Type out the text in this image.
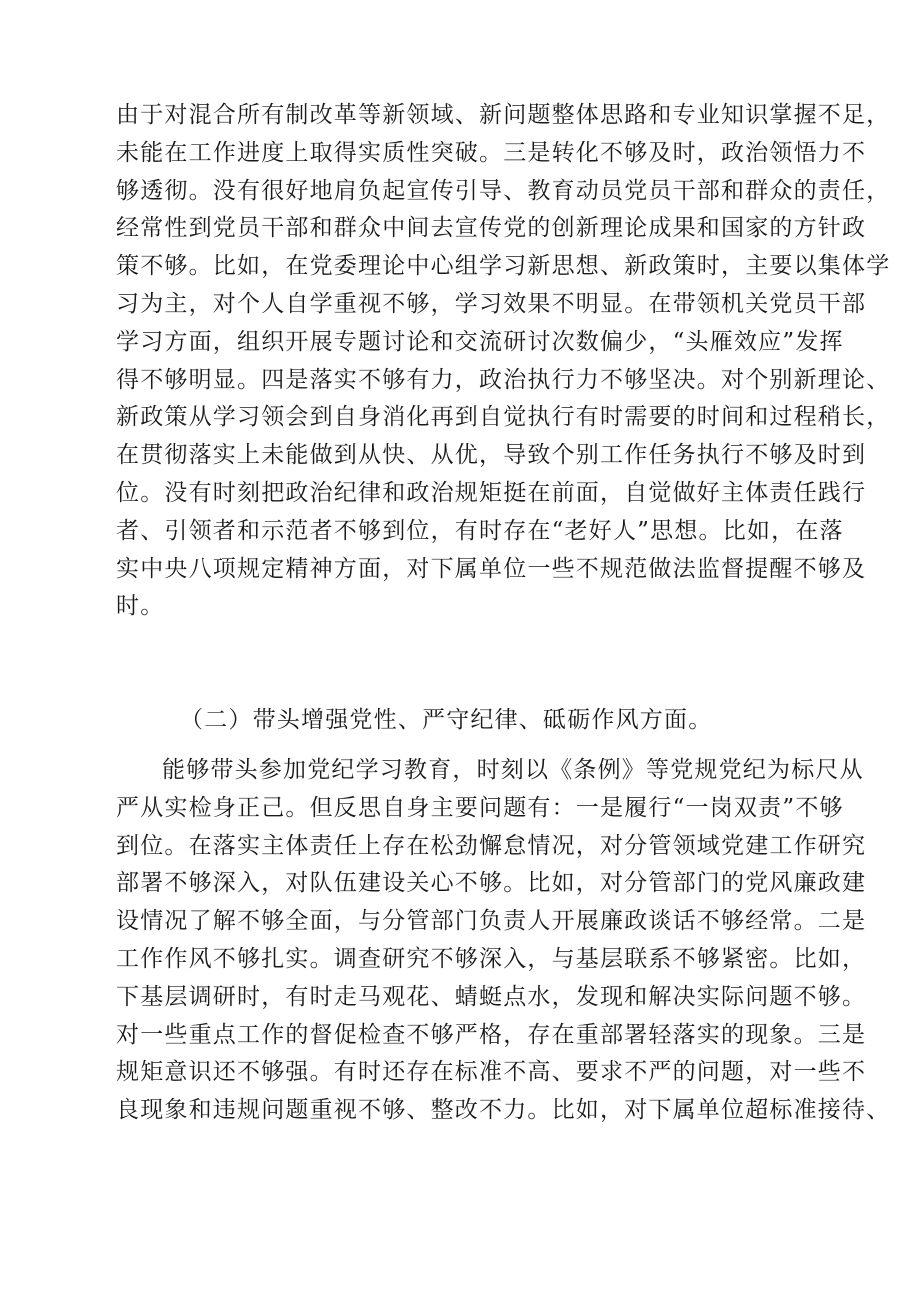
由于对混合所有制改革等新领域、新问题整体思路和专业知识掌握不足，
未能在工作进度上取得实质性突破。三是转化不够及时，政治领悟力不
够透彻。没有很好地肩负起宣传引导、教育动员党员干部和群众的责任，
经常性到党员干部和群众中间去宣传党的创新理论成果和国家的方针政
策不够。比如，在党委理论中心组学习新思想、新政策时，主要以集体学
习为主，对个人自学重视不够，学习效果不明显。在带领机关党员干部
学习方面，组织开展专题讨论和交流研讨次数偏少，“头雁效应”发挥
得不够明显。四是落实不够有力，政治执行力不够坚决。对个别新理论、
新政策从学习领会到自身消化再到自觉执行有时需要的时间和过程稍长，
在贯彻落实上未能做到从快、从优，导致个别工作任务执行不够及时到
位。没有时刻把政治纪律和政治规矩挺在前面，自觉做好主体责任践行
者、引领者和示范者不够到位，有时存在“老好人”思想。比如，在落
实中央八项规定精神方面，对下属单位一些不规范做法监督提醒不够及
时。
（二）带头增强党性、严守纪律、砥砺作风方面。
能够带头参加党纪学习教育，时刻以《条例》等党规党纪为标尺从
严从实检身正己。但反思自身主要问题有：一是履行“一岗双责”不够
到位。在落实主体责任上存在松劲懈怠情况，对分管领域党建工作研究
部署不够深入，对队伍建设关心不够。比如，对分管部门的党风廉政建
设情况了解不够全面，与分管部门负责人开展廉政谈话不够经常。二是
工作作风不够扎实。调查研究不够深入，与基层联系不够紧密。比如，
下基层调研时，有时走马观花、蜻蜓点水，发现和解决实际问题不够。
对一些重点工作的督促检查不够严格，存在重部署轻落实的现象。三是
规矩意识还不够强。有时还存在标准不高、要求不严的问题，对一些不
良现象和违规问题重视不够、整改不力。比如，对下属单位超标准接待、
